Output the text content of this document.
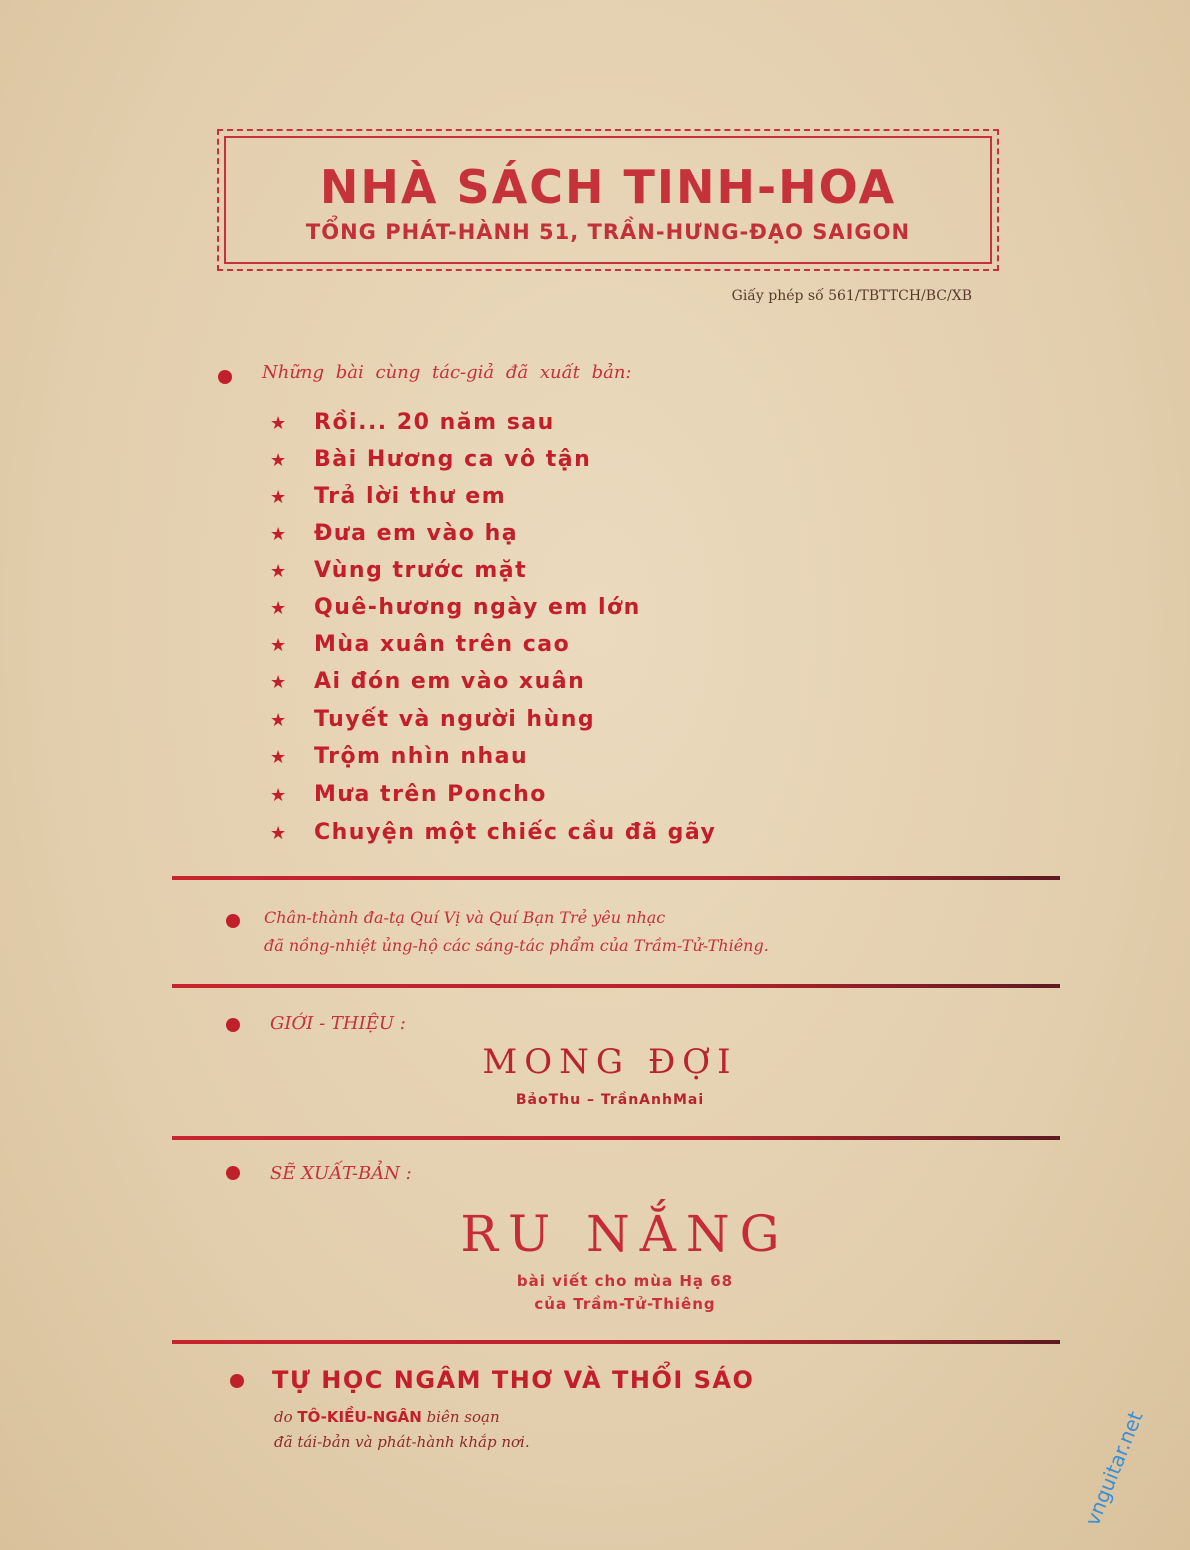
NHÀ SÁCH TINH-HOA
TỔNG PHÁT-HÀNH 51, TRẦN-HƯNG-ĐẠO SAIGON
Giấy phép số 561/TBTTCH/BC/XB
Những bài cùng tác-giả đã xuất bản:
★ Rồi... 20 năm sau
★ Bài Hương ca vô tận
★ Trả lời thư em
★ Đưa em vào hạ
★ Vùng trước mặt
★ Quê-hương ngày em lớn
★ Mùa xuân trên cao
★ Ai đón em vào xuân
★ Tuyết và người hùng
★ Trộm nhìn nhau
★ Mưa trên Poncho
★ Chuyện một chiếc cầu đã gãy
Chân-thành đa-tạ Quí Vị và Quí Bạn Trẻ yêu nhạc
đã nồng-nhiệt ủng-hộ các sáng-tác phẩm của Trầm-Tử-Thiêng.
GIỚI - THIỆU :
MONG ĐỢI
BảoThu – TrầnAnhMai
SẼ XUẤT-BẢN :
RU NẮNG
bài viết cho mùa Hạ 68
của Trầm-Tử-Thiêng
TỰ HỌC NGÂM THƠ VÀ THỔI SÁO
do TÔ-KIỀU-NGÂN biên soạn
đã tái-bản và phát-hành khắp nơi.	vnguitar.net
